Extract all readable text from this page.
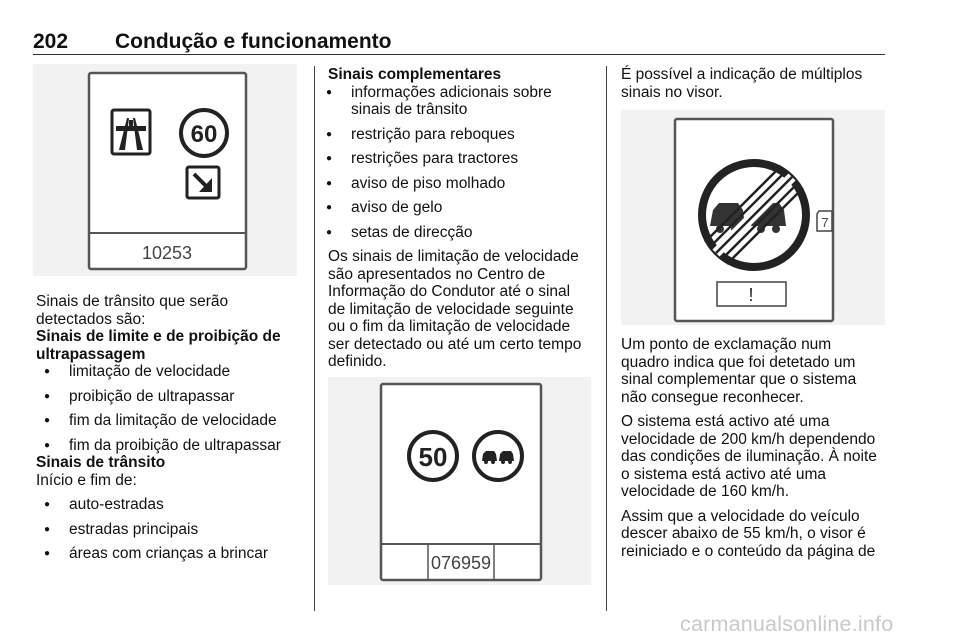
202 Condução e funcionamento
60
10253

Sinais de trânsito que serão

detectados são:

Sinais de limite e de proibição de

ultrapassagem

● limitação de velocidade
● proibição de ultrapassar
● fim da limitação de velocidade
● fim da proibição de ultrapassar

Sinais de trânsito

Início e fim de:

● auto-estradas
● estradas principais
● áreas com crianças a brincar

Sinais complementares

● informações adicionais sobre
sinais de trânsito
● restrição para reboques
● restrições para tractores
● aviso de piso molhado
● aviso de gelo
● setas de direcção

Os sinais de limitação de velocidade

são apresentados no Centro de

Informação do Condutor até o sinal

de limitação de velocidade seguinte

ou o fim da limitação de velocidade

ser detectado ou até um certo tempo

definido.

50
076959

É possível a indicação de múltiplos

sinais no visor.

!
7

Um ponto de exclamação num

quadro indica que foi detetado um

sinal complementar que o sistema

não consegue reconhecer.

O sistema está activo até uma

velocidade de 200 km/h dependendo

das condições de iluminação. À noite

o sistema está activo até uma

velocidade de 160 km/h.

Assim que a velocidade do veículo

descer abaixo de 55 km/h, o visor é

reiniciado e o conteúdo da página de

carmanualsonline.info
